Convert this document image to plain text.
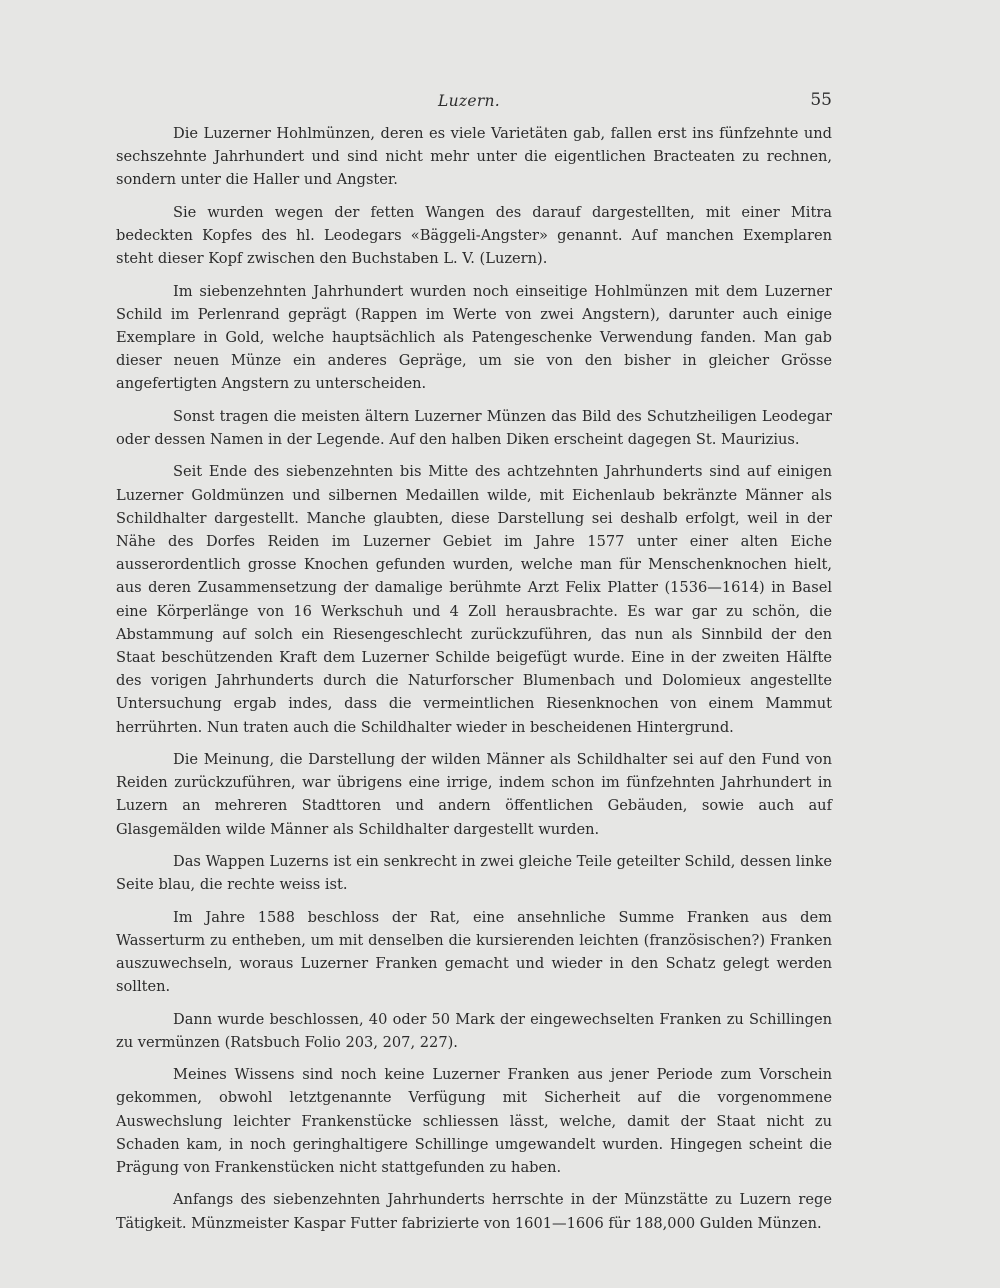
Luzern.	55

Die Luzerner Hohlmünzen, deren es viele Varietäten gab, fallen erst ins fünfzehnte und sechszehnte Jahrhundert und sind nicht mehr unter die eigentlichen Bracteaten zu rechnen, sondern unter die Haller und Angster.

Sie wurden wegen der fetten Wangen des darauf dargestellten, mit einer Mitra bedeckten Kopfes des hl. Leodegars «Bäggeli-Angster» genannt. Auf manchen Exemplaren steht dieser Kopf zwischen den Buchstaben L. V. (Luzern).

Im siebenzehnten Jahrhundert wurden noch einseitige Hohlmünzen mit dem Luzerner Schild im Perlenrand geprägt (Rappen im Werte von zwei Angstern), darunter auch einige Exemplare in Gold, welche hauptsächlich als Patengeschenke Verwendung fanden. Man gab dieser neuen Münze ein anderes Gepräge, um sie von den bisher in gleicher Grösse angefertigten Angstern zu unterscheiden.

Sonst tragen die meisten ältern Luzerner Münzen das Bild des Schutzheiligen Leodegar oder dessen Namen in der Legende. Auf den halben Diken erscheint dagegen St. Maurizius.

Seit Ende des siebenzehnten bis Mitte des achtzehnten Jahrhunderts sind auf einigen Luzerner Goldmünzen und silbernen Medaillen wilde, mit Eichenlaub bekränzte Männer als Schildhalter dargestellt. Manche glaubten, diese Darstellung sei deshalb erfolgt, weil in der Nähe des Dorfes Reiden im Luzerner Gebiet im Jahre 1577 unter einer alten Eiche ausserordentlich grosse Knochen gefunden wurden, welche man für Menschenknochen hielt, aus deren Zusammensetzung der damalige berühmte Arzt Felix Platter (1536—1614) in Basel eine Körperlänge von 16 Werkschuh und 4 Zoll herausbrachte. Es war gar zu schön, die Abstammung auf solch ein Riesengeschlecht zurückzuführen, das nun als Sinnbild der den Staat beschützenden Kraft dem Luzerner Schilde beigefügt wurde. Eine in der zweiten Hälfte des vorigen Jahrhunderts durch die Naturforscher Blumenbach und Dolomieux angestellte Untersuchung ergab indes, dass die vermeintlichen Riesenknochen von einem Mammut herrührten. Nun traten auch die Schildhalter wieder in bescheidenen Hintergrund.

Die Meinung, die Darstellung der wilden Männer als Schildhalter sei auf den Fund von Reiden zurückzuführen, war übrigens eine irrige, indem schon im fünfzehnten Jahrhundert in Luzern an mehreren Stadttoren und andern öffentlichen Gebäuden, sowie auch auf Glasgemälden wilde Männer als Schildhalter dargestellt wurden.

Das Wappen Luzerns ist ein senkrecht in zwei gleiche Teile geteilter Schild, dessen linke Seite blau, die rechte weiss ist.

Im Jahre 1588 beschloss der Rat, eine ansehnliche Summe Franken aus dem Wasserturm zu entheben, um mit denselben die kursierenden leichten (französischen?) Franken auszuwechseln, woraus Luzerner Franken gemacht und wieder in den Schatz gelegt werden sollten.

Dann wurde beschlossen, 40 oder 50 Mark der eingewechselten Franken zu Schillingen zu vermünzen (Ratsbuch Folio 203, 207, 227).

Meines Wissens sind noch keine Luzerner Franken aus jener Periode zum Vorschein gekommen, obwohl letztgenannte Verfügung mit Sicherheit auf die vorgenommene Auswechslung leichter Frankenstücke schliessen lässt, welche, damit der Staat nicht zu Schaden kam, in noch geringhaltigere Schillinge umgewandelt wurden. Hingegen scheint die Prägung von Frankenstücken nicht stattgefunden zu haben.

Anfangs des siebenzehnten Jahrhunderts herrschte in der Münzstätte zu Luzern rege Tätigkeit. Münzmeister Kaspar Futter fabrizierte von 1601—1606 für 188,000 Gulden Münzen.
